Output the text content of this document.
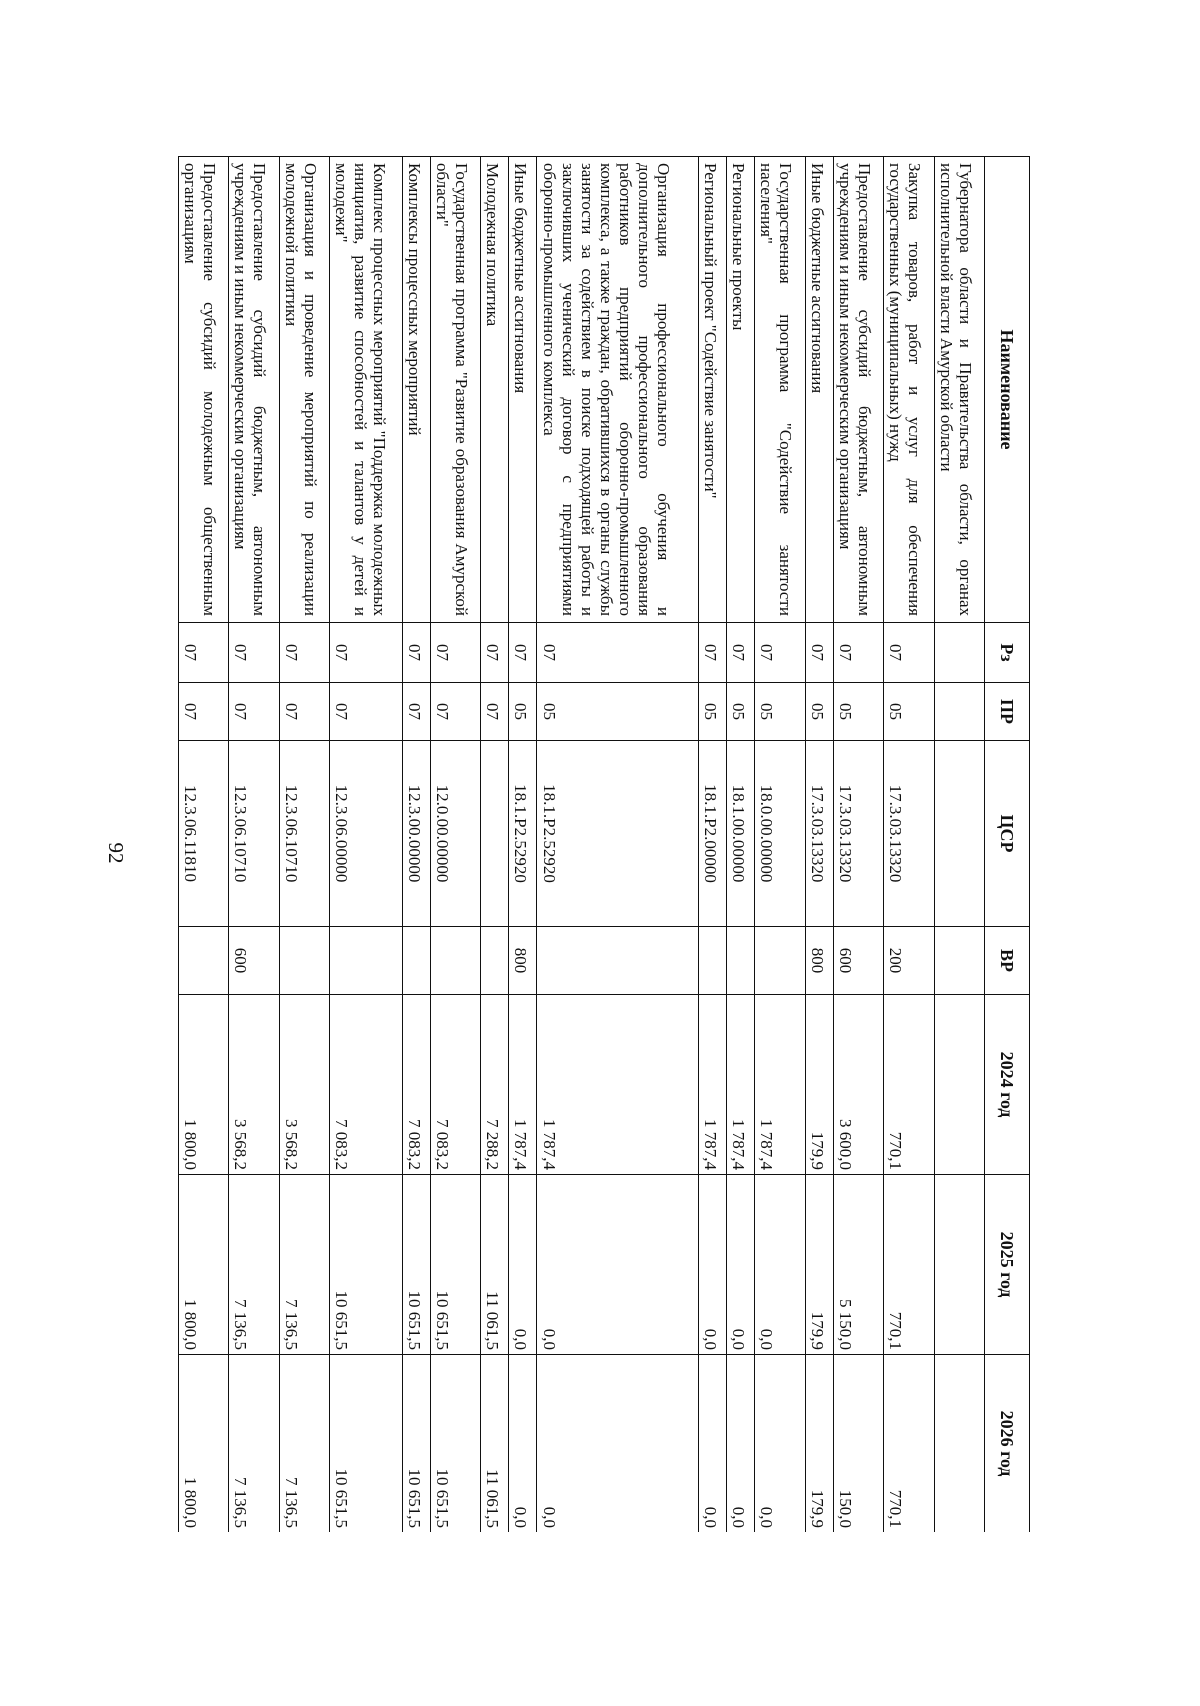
92
Наименование	Рз	ПР	ЦСР	ВР	2024 год	2025 год	2026 год
Губернатора области и Правительства области, органах исполнительной власти Амурской области							
Закупка товаров, работ и услуг для обеспечения государственных (муниципальных) нужд	07	05	17.3.03.13320	200	770,1	770,1	770,1
Предоставление субсидий бюджетным, автономным учреждениям и иным некоммерческим организациям	07	05	17.3.03.13320	600	3 600,0	5 150,0	150,0
Иные бюджетные ассигнования	07	05	17.3.03.13320	800	179,9	179,9	179,9
Государственная программа "Содействие занятости населения"	07	05	18.0.00.00000		1 787,4	0,0	0,0
Региональные проекты	07	05	18.1.00.00000		1 787,4	0,0	0,0
Региональный проект "Содействие занятости"	07	05	18.1.P2.00000		1 787,4	0,0	0,0
Организация профессионального обучения и дополнительного профессионального образования работников предприятий оборонно-промышленного комплекса, а также граждан, обратившихся в органы службы занятости за содействием в поиске подходящей работы и заключивших ученический договор с предприятиями оборонно-промышленного комплекса	07	05	18.1.P2.52920		1 787,4	0,0	0,0
Иные бюджетные ассигнования	07	05	18.1.P2.52920	800	1 787,4	0,0	0,0
Молодежная политика	07	07			7 288,2	11 061,5	11 061,5
Государственная программа "Развитие образования Амурской области"	07	07	12.0.00.00000		7 083,2	10 651,5	10 651,5
Комплексы процессных мероприятий	07	07	12.3.00.00000		7 083,2	10 651,5	10 651,5
Комплекс процессных мероприятий "Поддержка молодежных инициатив, развитие способностей и талантов у детей и молодежи"	07	07	12.3.06.00000		7 083,2	10 651,5	10 651,5
Организация и проведение мероприятий по реализации молодежной политики	07	07	12.3.06.10710		3 568,2	7 136,5	7 136,5
Предоставление субсидий бюджетным, автономным учреждениям и иным некоммерческим организациям	07	07	12.3.06.10710	600	3 568,2	7 136,5	7 136,5
Предоставление субсидий молодежным общественным организациям	07	07	12.3.06.11810		1 800,0	1 800,0	1 800,0
